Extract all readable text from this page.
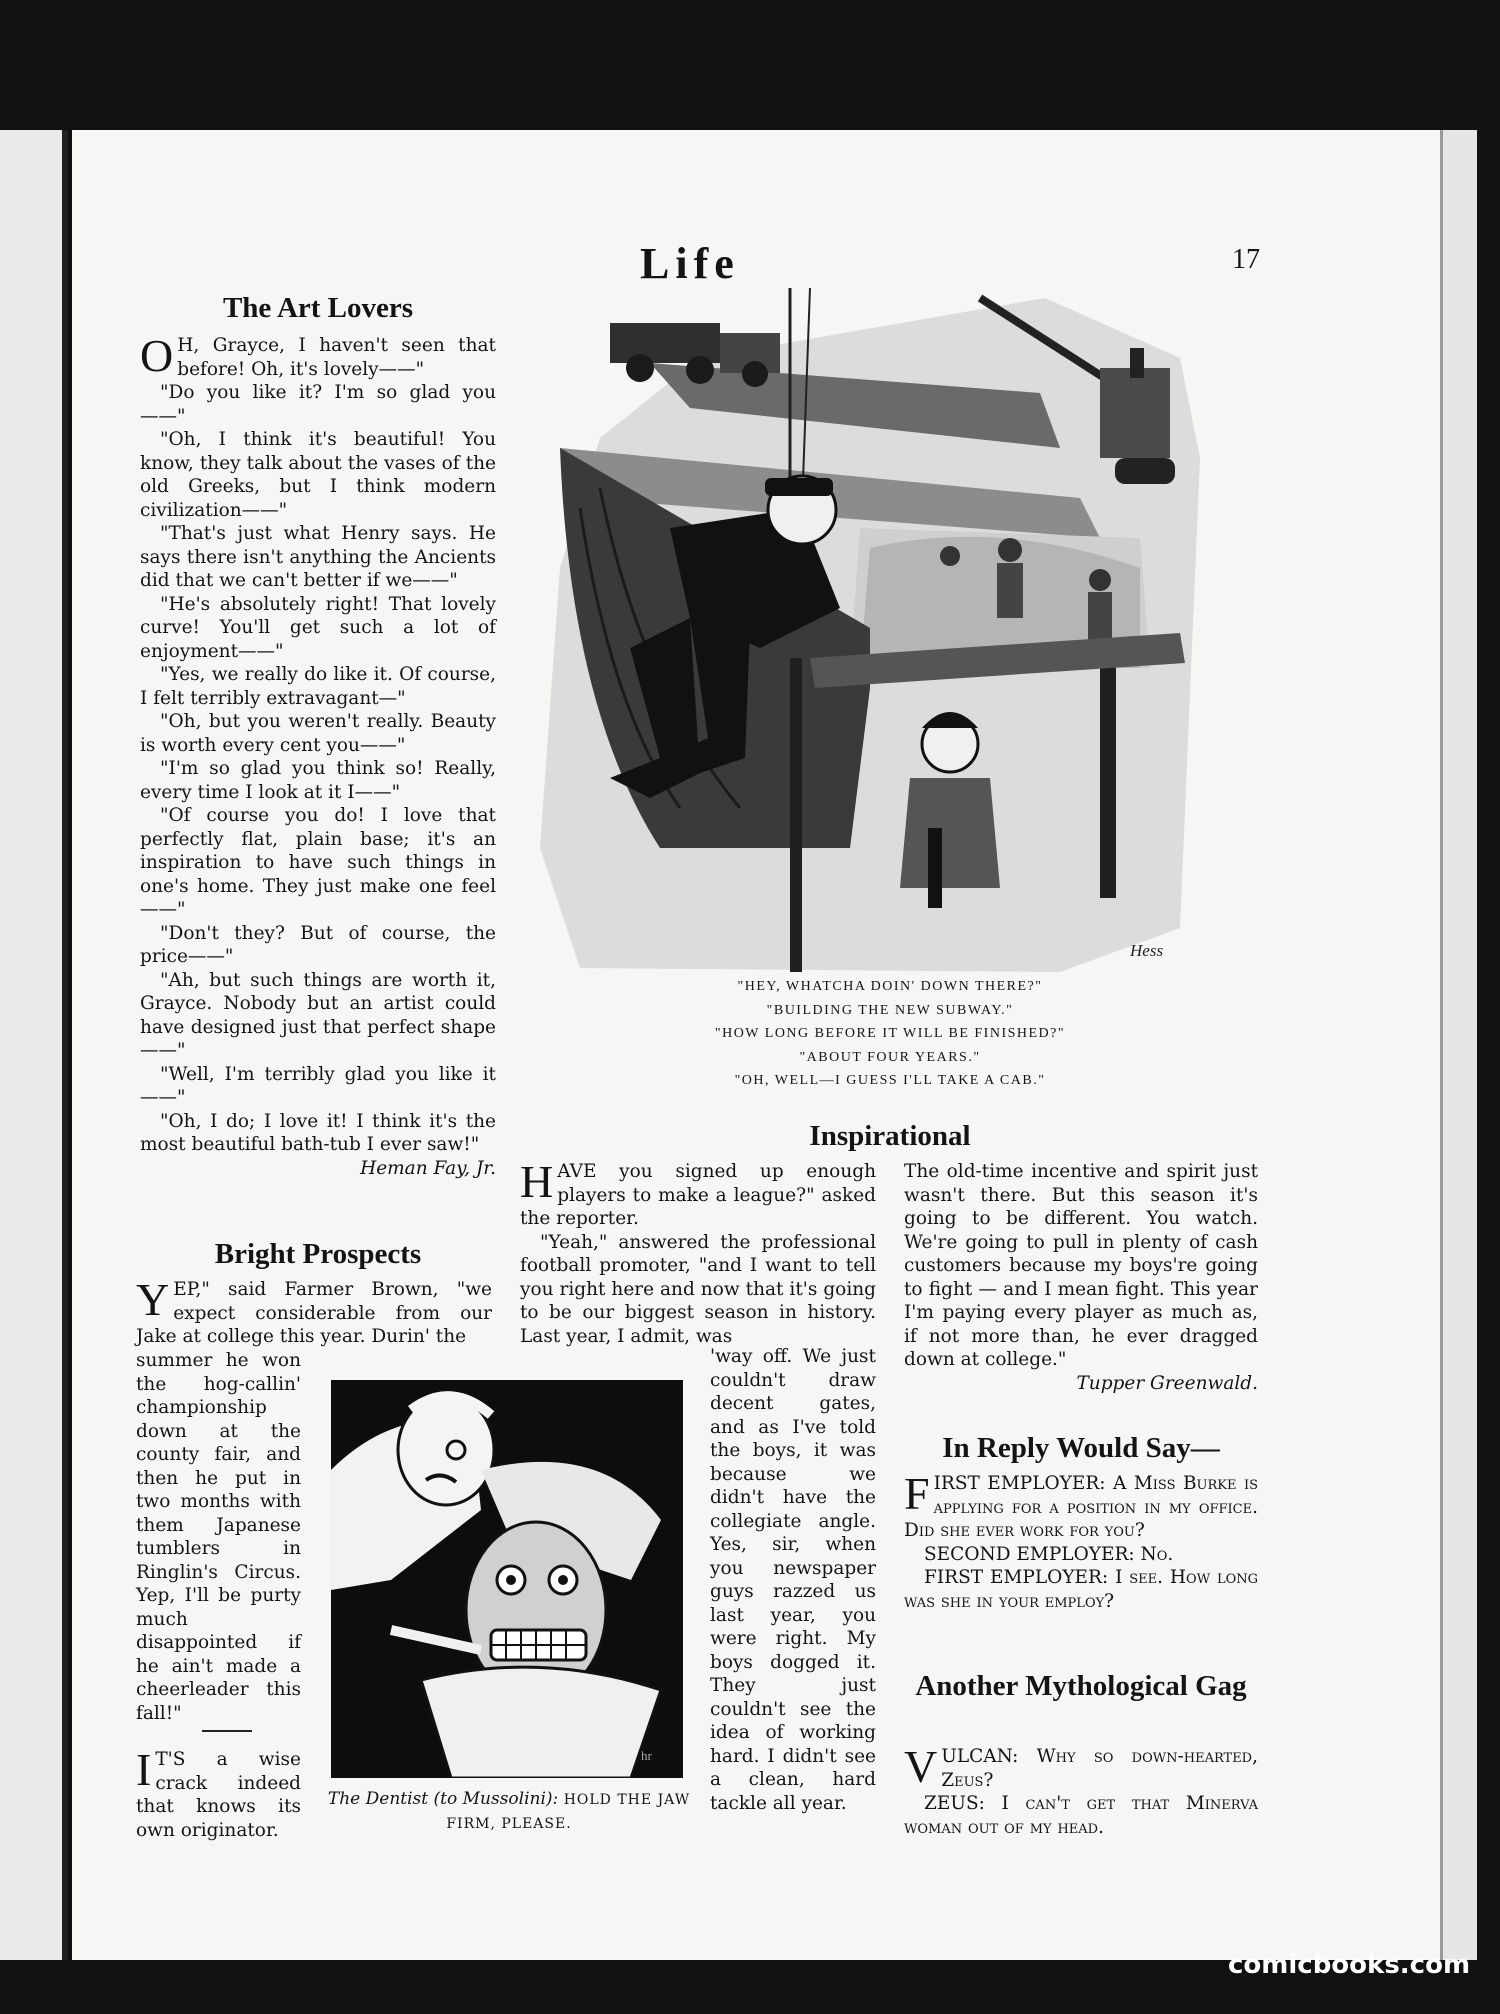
Life	17
The Art Lovers

O H, Grayce, I haven't seen that before! Oh, it's lovely——"

"Do you like it? I'm so glad you——"

"Oh, I think it's beautiful! You know, they talk about the vases of the old Greeks, but I think modern civilization——"

"That's just what Henry says. He says there isn't anything the Ancients did that we can't better if we——"

"He's absolutely right! That lovely curve! You'll get such a lot of enjoyment——"

"Yes, we really do like it. Of course, I felt terribly extravagant—"

"Oh, but you weren't really. Beauty is worth every cent you——"

"I'm so glad you think so! Really, every time I look at it I——"

"Of course you do! I love that perfectly flat, plain base; it's an inspiration to have such things in one's home. They just make one feel——"

"Don't they? But of course, the price——"

"Ah, but such things are worth it, Grayce. Nobody but an artist could have designed just that perfect shape——"

"Well, I'm terribly glad you like it——"

"Oh, I do; I love it! I think it's the most beautiful bath-tub I ever saw!"

Heman Fay, Jr.
Bright Prospects

YEP," said Farmer Brown, "we expect considerable from our Jake at college this year. Durin' the

summer he won the hog-callin' championship down at the county fair, and then he put in two months with them Japanese tumblers in Ringlin's Circus. Yep, I'll be purty much disappointed if he ain't made a cheerleader this fall!"

I T'S a wise crack indeed that knows its own originator.

Hess
"HEY, WHATCHA DOIN' DOWN THERE?"
"BUILDING THE NEW SUBWAY."
"HOW LONG BEFORE IT WILL BE FINISHED?"
"ABOUT FOUR YEARS."
"OH, WELL—I GUESS I'LL TAKE A CAB."
Inspirational

HAVE you signed up enough players to make a league?" asked the reporter.

"Yeah," answered the professional football promoter, "and I want to tell you right here and now that it's going to be our biggest season in history. Last year, I admit, was

'way off. We just couldn't draw decent gates, and as I've told the boys, it was because we didn't have the collegiate angle. Yes, sir, when you newspaper guys razzed us last year, you were right. My boys dogged it. They just couldn't see the idea of working hard. I didn't see a clean, hard tackle all year.

The old-time incentive and spirit just wasn't there. But this season it's going to be different. You watch. We're going to pull in plenty of cash customers because my boys're going to fight — and I mean fight. This year I'm paying every player as much as, if not more than, he ever dragged down at college."

Tupper Greenwald.
hr
The Dentist (to Mussolini): HOLD THE JAW FIRM, PLEASE.
In Reply Would Say—

FIRST EMPLOYER: A Miss Burke is applying for a position in my office. Did she ever work for you?

SECOND EMPLOYER: No.

FIRST EMPLOYER: I see. How long was she in your employ?

Another Mythological Gag

VULCAN: Why so down-hearted, Zeus?

ZEUS: I can't get that Minerva woman out of my head.

comicbooks.com
